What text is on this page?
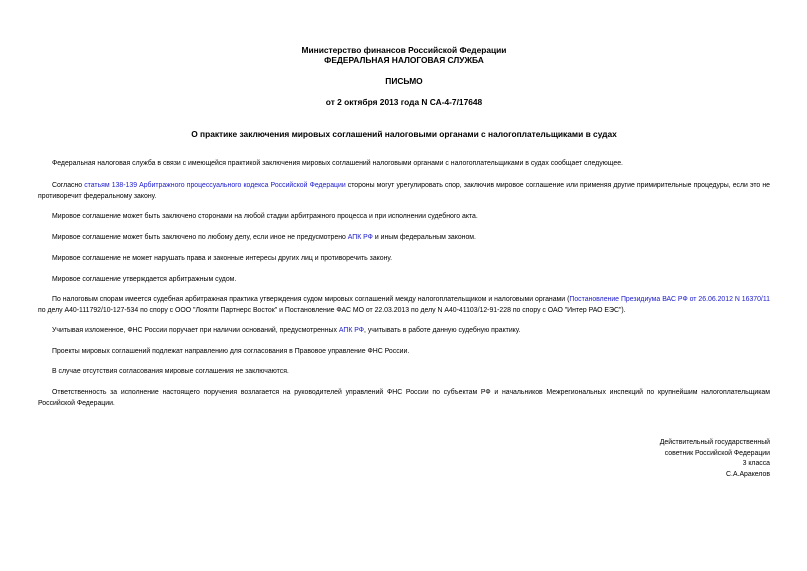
Министерство финансов Российской Федерации
ФЕДЕРАЛЬНАЯ НАЛОГОВАЯ СЛУЖБА
ПИСЬМО
от 2 октября 2013 года N СА-4-7/17648
О практике заключения мировых соглашений налоговыми органами с налогоплательщиками в судах
Федеральная налоговая служба в связи с имеющейся практикой заключения мировых соглашений налоговыми органами с налогоплательщиками в судах сообщает следующее.
Согласно статьям 138-139 Арбитражного процессуального кодекса Российской Федерации стороны могут урегулировать спор, заключив мировое соглашение или применяя другие примирительные процедуры, если это не противоречит федеральному закону.
Мировое соглашение может быть заключено сторонами на любой стадии арбитражного процесса и при исполнении судебного акта.
Мировое соглашение может быть заключено по любому делу, если иное не предусмотрено АПК РФ и иным федеральным законом.
Мировое соглашение не может нарушать права и законные интересы других лиц и противоречить закону.
Мировое соглашение утверждается арбитражным судом.
По налоговым спорам имеется судебная арбитражная практика утверждения судом мировых соглашений между налогоплательщиком и налоговыми органами (Постановление Президиума ВАС РФ от 26.06.2012 N 16370/11 по делу А40-111792/10-127-534 по спору с ООО "Лоялти Партнерс Восток" и Постановление ФАС МО от 22.03.2013 по делу N А40-41103/12-91-228 по спору с ОАО "Интер РАО ЕЭС").
Учитывая изложенное, ФНС России поручает при наличии оснований, предусмотренных АПК РФ, учитывать в работе данную судебную практику.
Проекты мировых соглашений подлежат направлению для согласования в Правовое управление ФНС России.
В случае отсутствия согласования мировые соглашения не заключаются.
Ответственность за исполнение настоящего поручения возлагается на руководителей управлений ФНС России по субъектам РФ и начальников Межрегиональных инспекций по крупнейшим налогоплательщикам Российской Федерации.
Действительный государственный
советник Российской Федерации
3 класса
С.А.Аракелов
